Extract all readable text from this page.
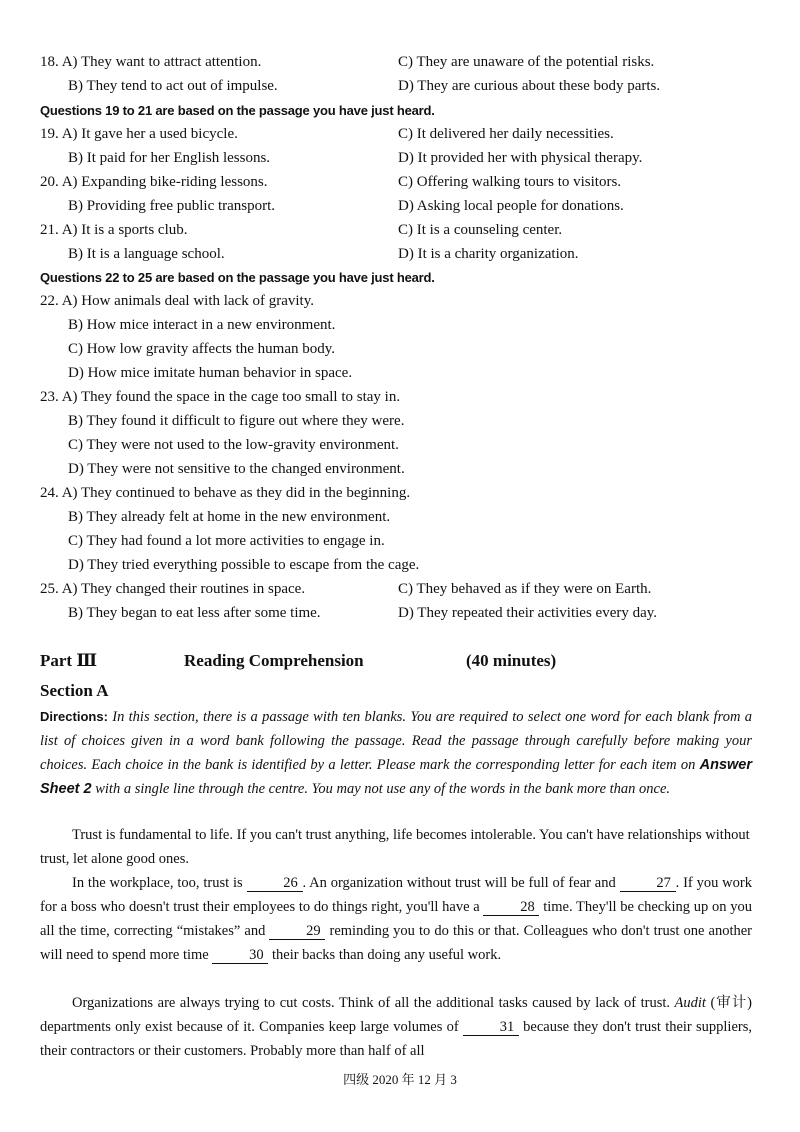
18. A) They want to attract attention.	C) They are unaware of the potential risks.
B) They tend to act out of impulse.	D) They are curious about these body parts.
Questions 19 to 21 are based on the passage you have just heard.
19. A) It gave her a used bicycle.	C) It delivered her daily necessities.
B) It paid for her English lessons.	D) It provided her with physical therapy.
20. A) Expanding bike-riding lessons.	C) Offering walking tours to visitors.
B) Providing free public transport.	D) Asking local people for donations.
21. A) It is a sports club.	C) It is a counseling center.
B) It is a language school.	D) It is a charity organization.
Questions 22 to 25 are based on the passage you have just heard.
22. A) How animals deal with lack of gravity.
B) How mice interact in a new environment.
C) How low gravity affects the human body.
D) How mice imitate human behavior in space.
23. A) They found the space in the cage too small to stay in.
B) They found it difficult to figure out where they were.
C) They were not used to the low-gravity environment.
D) They were not sensitive to the changed environment.
24. A) They continued to behave as they did in the beginning.
B) They already felt at home in the new environment.
C) They had found a lot more activities to engage in.
D) They tried everything possible to escape from the cage.
25. A) They changed their routines in space.	C) They behaved as if they were on Earth.
B) They began to eat less after some time.	D) They repeated their activities every day.
Part Ⅲ	Reading Comprehension	(40 minutes)
Section A
Directions: In this section, there is a passage with ten blanks. You are required to select one word for each blank from a list of choices given in a word bank following the passage. Read the passage through carefully before making your choices. Each choice in the bank is identified by a letter. Please mark the corresponding letter for each item on Answer Sheet 2 with a single line through the centre. You may not use any of the words in the bank more than once.
Trust is fundamental to life. If you can't trust anything, life becomes intolerable. You can't have relationships without trust, let alone good ones.
In the workplace, too, trust is	26 . An organization without trust will be full of fear and	27 . If you work for a boss who doesn't trust their employees to do things right, you'll have a	28 time. They'll be checking up on you all the time, correcting “mistakes” and	29 reminding you to do this or that. Colleagues who don't trust one another will need to spend more time	30 their backs than doing any useful work.
Organizations are always trying to cut costs. Think of all the additional tasks caused by lack of trust. Audit (审计) departments only exist because of it. Companies keep large volumes of	31 because they don't trust their suppliers, their contractors or their customers. Probably more than half of all
四级 2020 年 12 月 3
